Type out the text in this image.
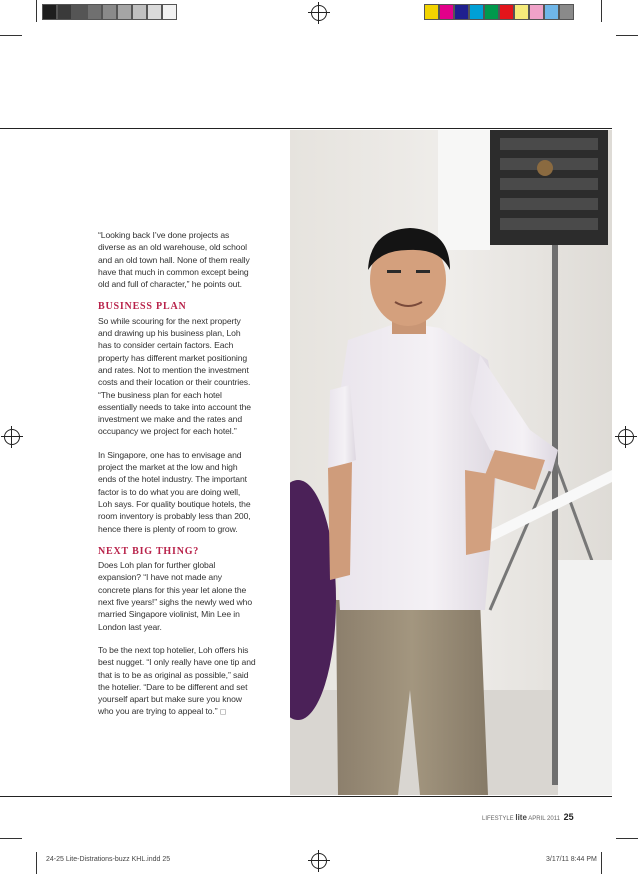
“Looking back I’ve done projects as
diverse as an old warehouse, old school
and an old town hall. None of them really
have that much in common except being
old and full of character,” he points out.

BUSINESS PLAN

So while scouring for the next property
and drawing up his business plan, Loh
has to consider certain factors. Each
property has different market positioning
and rates. Not to mention the investment
costs and their location or their countries.
“The business plan for each hotel
essentially needs to take into account the
investment we make and the rates and
occupancy we project for each hotel.”

In Singapore, one has to envisage and
project the market at the low and high
ends of the hotel industry. The important
factor is to do what you are doing well,
Loh says. For quality boutique hotels, the
room inventory is probably less than 200,
hence there is plenty of room to grow.

NEXT BIG THING?

Does Loh plan for further global
expansion? “I have not made any
concrete plans for this year let alone the
next five years!” sighs the newly wed who
married Singapore violinist, Min Lee in
London last year.

To be the next top hotelier, Loh offers his
best nugget. “I only really have one tip and
that is to be as original as possible,” said
the hotelier. “Dare to be different and set
yourself apart but make sure you know
who you are trying to appeal to.” ◻

LIFESTYLE lite APRIL 2011 25
24-25 Lite-Distrations-buzz KHL.indd 25	3/17/11 8:44 PM
